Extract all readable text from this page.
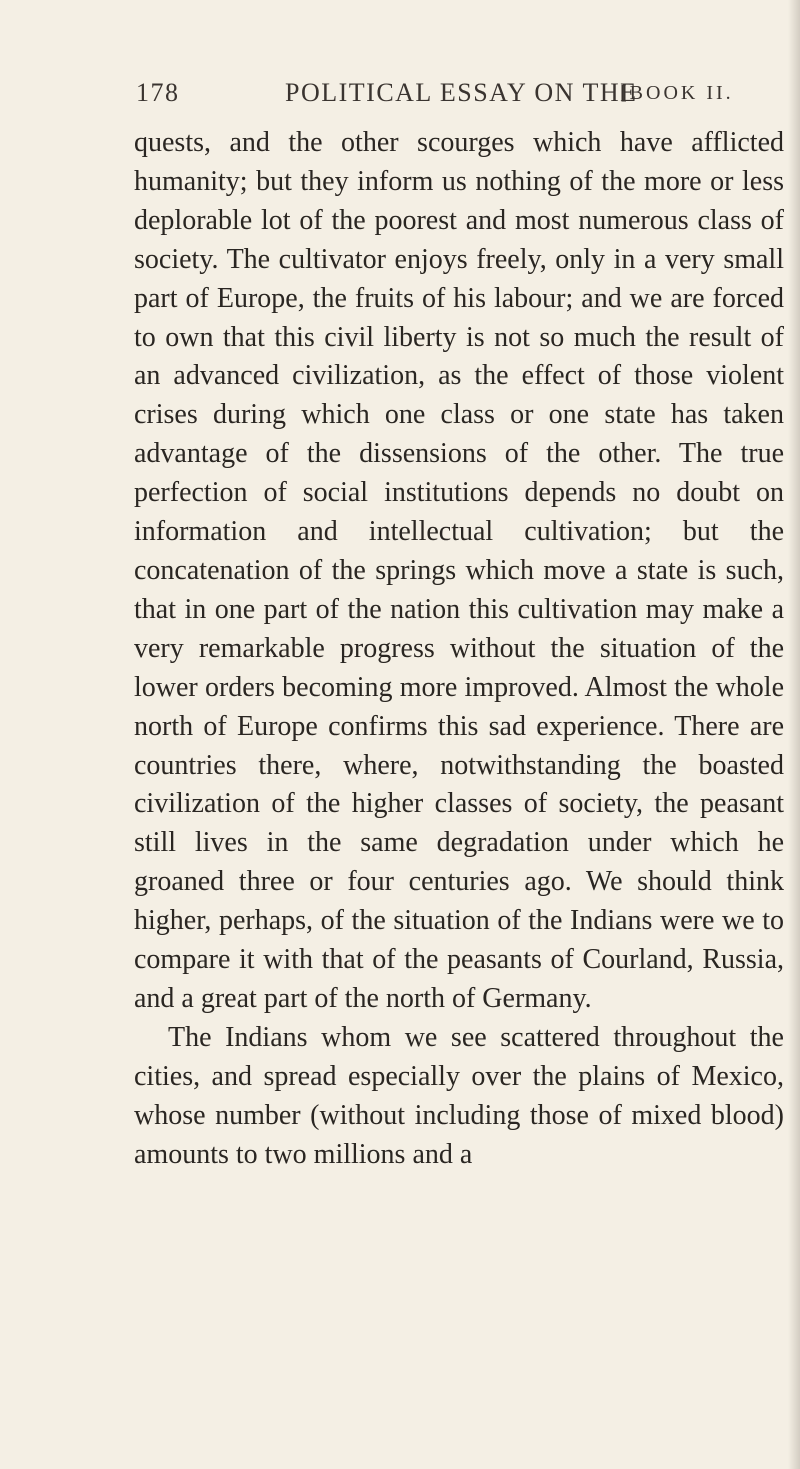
178	POLITICAL ESSAY ON THE
[BOOK II.

quests, and the other scourges which have afflicted humanity; but they inform us nothing of the more or less deplorable lot of the poorest and most numerous class of society. The cultivator enjoys freely, only in a very small part of Europe, the fruits of his labour; and we are forced to own that this civil liberty is not so much the result of an advanced civilization, as the effect of those violent crises during which one class or one state has taken advantage of the dissensions of the other. The true perfection of social institutions depends no doubt on information and intellectual cultivation; but the concatenation of the springs which move a state is such, that in one part of the nation this cultivation may make a very remarkable progress without the situation of the lower orders becoming more improved. Almost the whole north of Europe confirms this sad experience. There are countries there, where, notwithstanding the boasted civilization of the higher classes of society, the peasant still lives in the same degradation under which he groaned three or four centuries ago. We should think higher, perhaps, of the situation of the Indians were we to compare it with that of the peasants of Courland, Russia, and a great part of the north of Germany.

The Indians whom we see scattered throughout the cities, and spread especially over the plains of Mexico, whose number (without including those of mixed blood) amounts to two millions and a
